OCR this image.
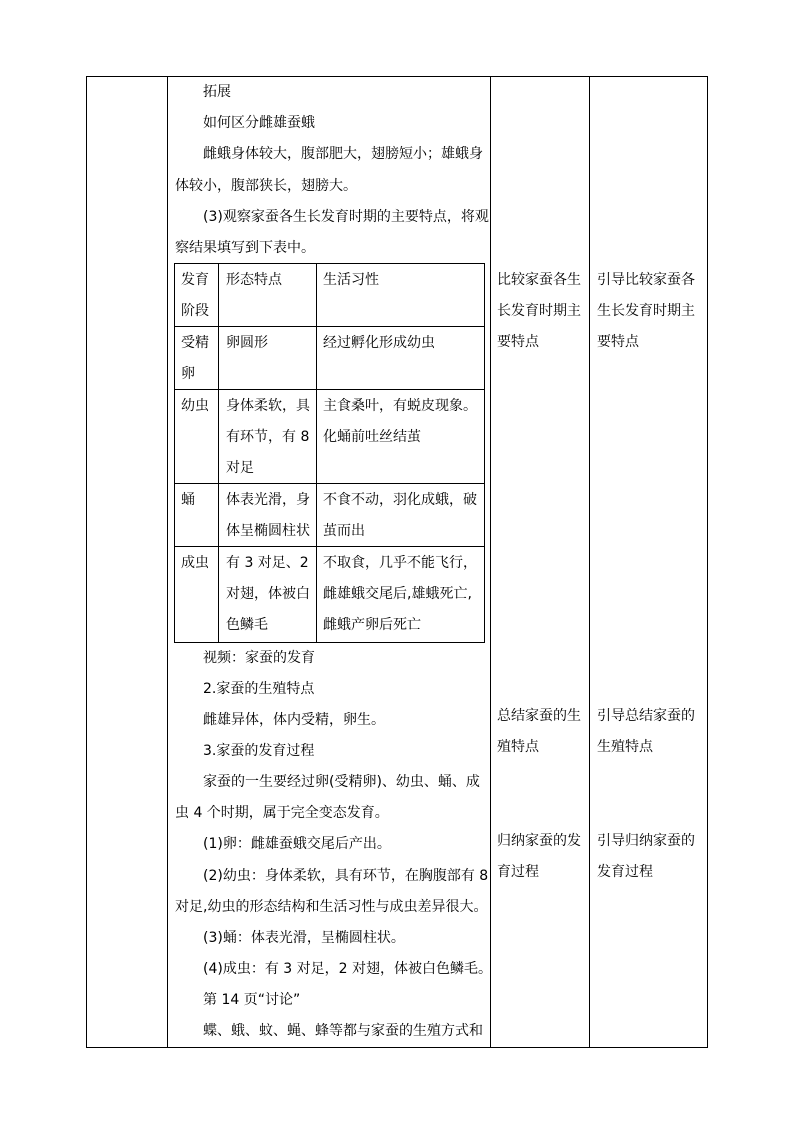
拓展
如何区分雌雄蚕蛾
雌蛾身体较大，腹部肥大，翅膀短小；雄蛾身
体较小，腹部狭长，翅膀大。
(3)观察家蚕各生长发育时期的主要特点，将观
察结果填写到下表中。
发育
阶段
形态特点	生活习性
受精
卵
卵圆形	经过孵化形成幼虫
幼虫 身体柔软，具
有环节，有 8
对足
主食桑叶，有蜕皮现象。
化蛹前吐丝结茧
蛹 体表光滑，身
体呈椭圆柱状
不食不动，羽化成蛾，破
茧而出
成虫 有 3 对足、2
对翅，体被白
色鳞毛
不取食，几乎不能飞行，
雌雄蛾交尾后,雄蛾死亡,
雌蛾产卵后死亡
视频：家蚕的发育
2.家蚕的生殖特点
雌雄异体，体内受精，卵生。
3.家蚕的发育过程
家蚕的一生要经过卵(受精卵)、幼虫、蛹、成
虫 4 个时期，属于完全变态发育。
(1)卵：雌雄蚕蛾交尾后产出。
(2)幼虫：身体柔软，具有环节，在胸腹部有 8
对足,幼虫的形态结构和生活习性与成虫差异很大。
(3)蛹：体表光滑，呈椭圆柱状。
(4)成虫：有 3 对足，2 对翅，体被白色鳞毛。
第 14 页“讨论”
蝶、蛾、蚊、蝇、蜂等都与家蚕的生殖方式和
比较家蚕各生
长发育时期主
要特点
总结家蚕的生
殖特点
归纳家蚕的发
育过程
引导比较家蚕各
生长发育时期主
要特点
引导总结家蚕的
生殖特点
引导归纳家蚕的
发育过程
